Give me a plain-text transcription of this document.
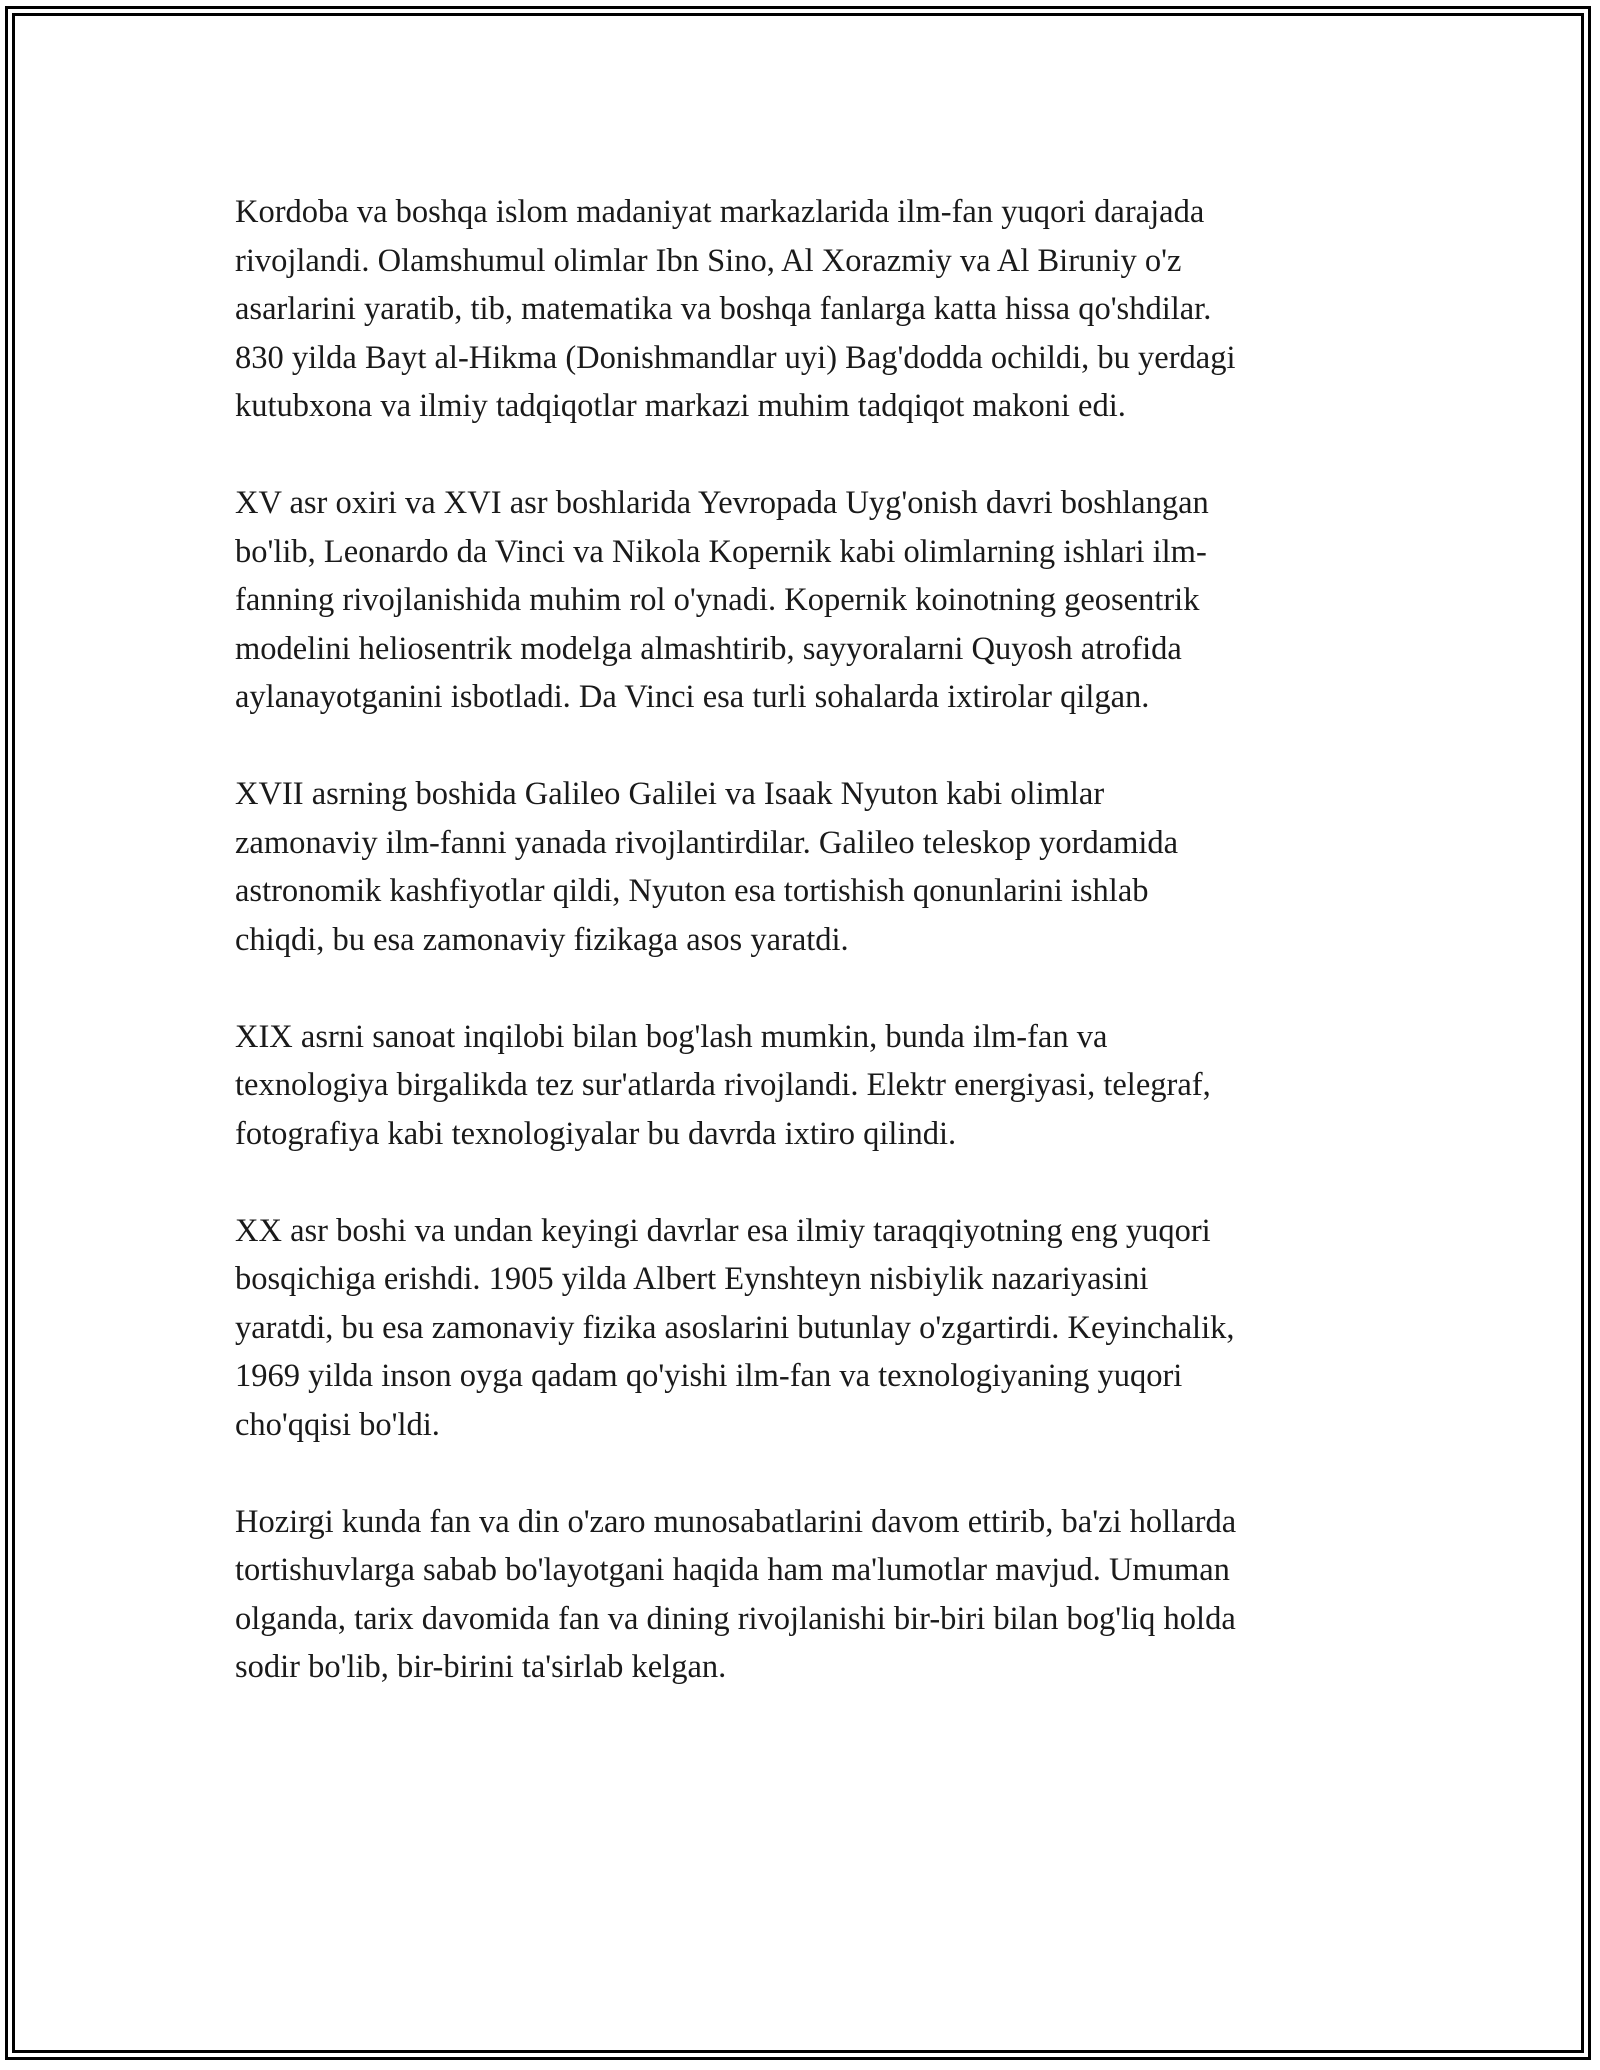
Kordoba va boshqa islom madaniyat markazlarida ilm-fan yuqori darajada
rivojlandi. Olamshumul olimlar Ibn Sino, Al Xorazmiy va Al Biruniy o'z
asarlarini yaratib, tib, matematika va boshqa fanlarga katta hissa qo'shdilar.
830 yilda Bayt al-Hikma (Donishmandlar uyi) Bag'dodda ochildi, bu yerdagi
kutubxona va ilmiy tadqiqotlar markazi muhim tadqiqot makoni edi.

XV asr oxiri va XVI asr boshlarida Yevropada Uyg'onish davri boshlangan
bo'lib, Leonardo da Vinci va Nikola Kopernik kabi olimlarning ishlari ilm-
fanning rivojlanishida muhim rol o'ynadi. Kopernik koinotning geosentrik
modelini heliosentrik modelga almashtirib, sayyoralarni Quyosh atrofida
aylanayotganini isbotladi. Da Vinci esa turli sohalarda ixtirolar qilgan.

XVII asrning boshida Galileo Galilei va Isaak Nyuton kabi olimlar
zamonaviy ilm-fanni yanada rivojlantirdilar. Galileo teleskop yordamida
astronomik kashfiyotlar qildi, Nyuton esa tortishish qonunlarini ishlab
chiqdi, bu esa zamonaviy fizikaga asos yaratdi.

XIX asrni sanoat inqilobi bilan bog'lash mumkin, bunda ilm-fan va
texnologiya birgalikda tez sur'atlarda rivojlandi. Elektr energiyasi, telegraf,
fotografiya kabi texnologiyalar bu davrda ixtiro qilindi.

XX asr boshi va undan keyingi davrlar esa ilmiy taraqqiyotning eng yuqori
bosqichiga erishdi. 1905 yilda Albert Eynshteyn nisbiylik nazariyasini
yaratdi, bu esa zamonaviy fizika asoslarini butunlay o'zgartirdi. Keyinchalik,
1969 yilda inson oyga qadam qo'yishi ilm-fan va texnologiyaning yuqori
cho'qqisi bo'ldi.

Hozirgi kunda fan va din o'zaro munosabatlarini davom ettirib, ba'zi hollarda
tortishuvlarga sabab bo'layotgani haqida ham ma'lumotlar mavjud. Umuman
olganda, tarix davomida fan va dining rivojlanishi bir-biri bilan bog'liq holda
sodir bo'lib, bir-birini ta'sirlab kelgan.
